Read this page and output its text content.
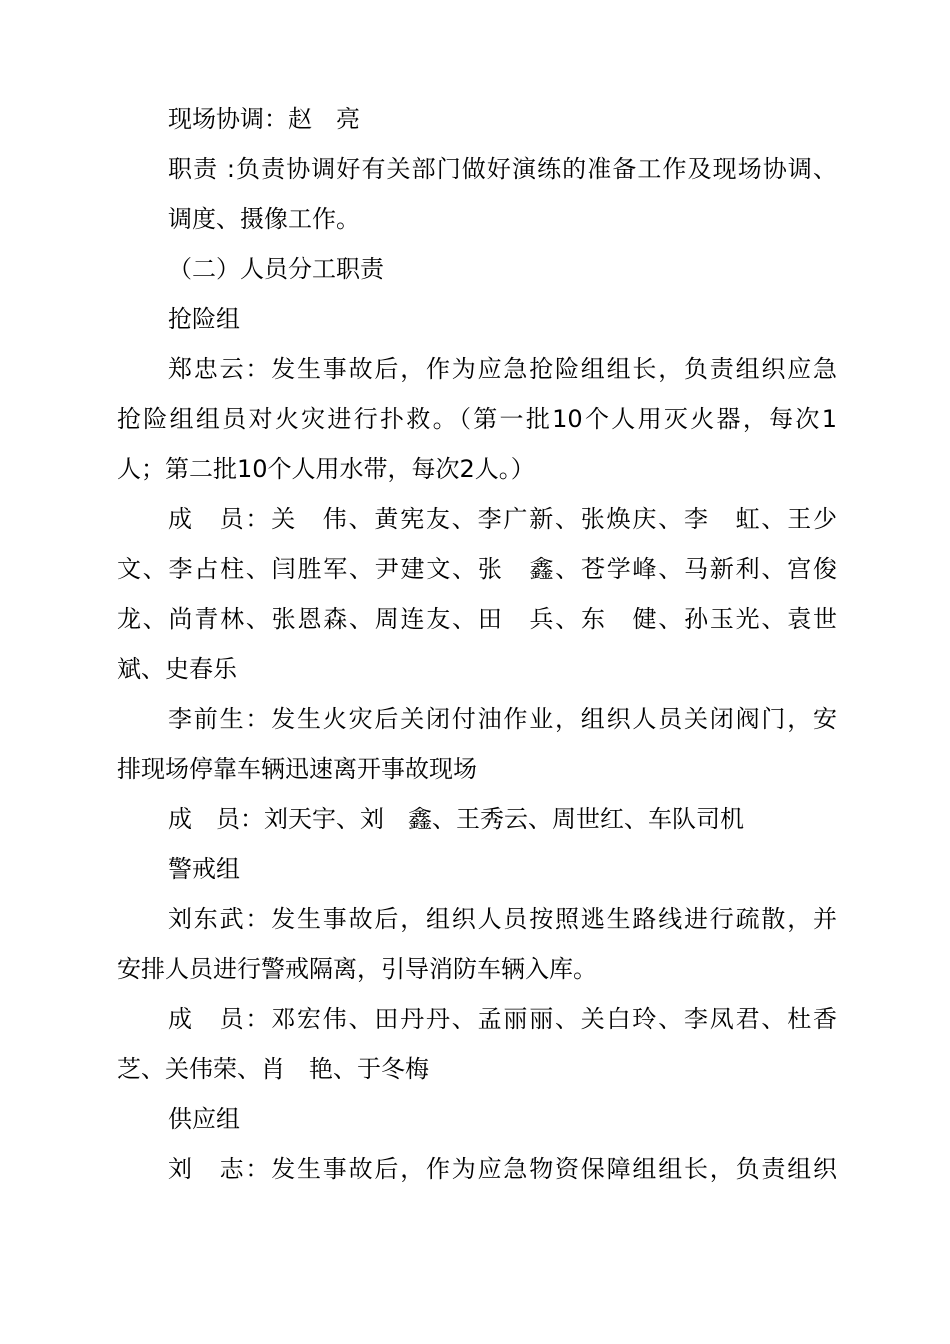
现场协调：赵　亮
职责 :负责协调好有关部门做好演练的准备工作及现场协调、
调度、摄像工作。
（二）人员分工职责
抢险组
郑忠云：发生事故后，作为应急抢险组组长，负责组织应急
抢险组组员对火灾进行扑救。（第一批10个人用灭火器，每次1
人；第二批10个人用水带，每次2人。）
成　员：关　伟、黄宪友、李广新、张焕庆、李　虹、王少
文、李占柱、闫胜军、尹建文、张　鑫、苍学峰、马新利、宫俊
龙、尚青林、张恩森、周连友、田　兵、东　健、孙玉光、袁世
斌、史春乐
李前生：发生火灾后关闭付油作业，组织人员关闭阀门，安
排现场停靠车辆迅速离开事故现场
成　员：刘天宇、刘　鑫、王秀云、周世红、车队司机
警戒组
刘东武：发生事故后，组织人员按照逃生路线进行疏散，并
安排人员进行警戒隔离，引导消防车辆入库。
成　员：邓宏伟、田丹丹、孟丽丽、关白玲、李凤君、杜香
芝、关伟荣、肖　艳、于冬梅
供应组
刘　志：发生事故后，作为应急物资保障组组长，负责组织
